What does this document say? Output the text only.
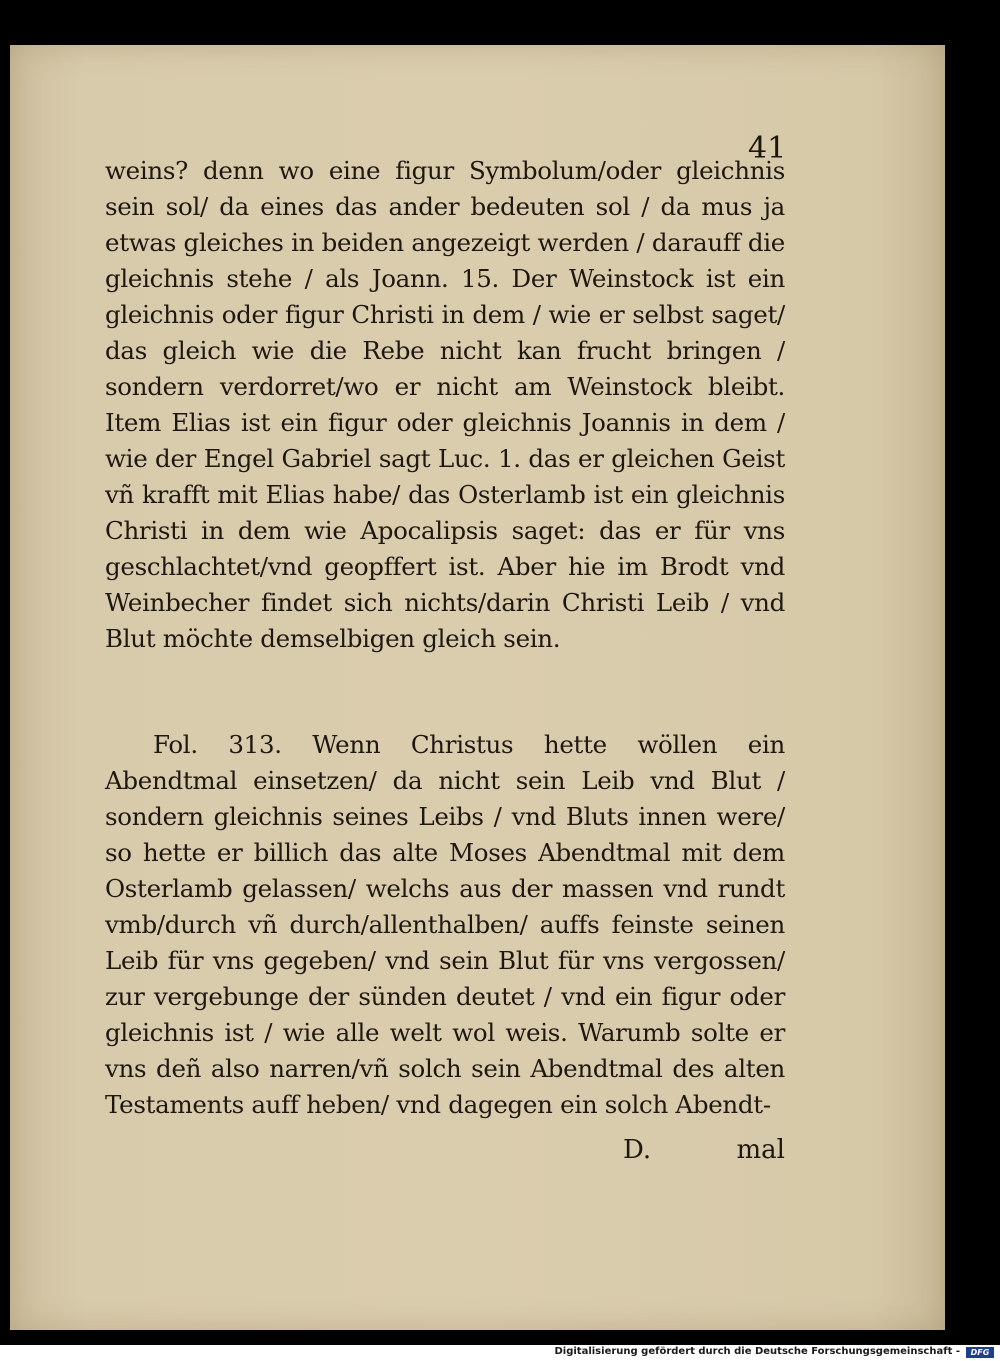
41

weins? denn wo eine figur Symbolum/oder gleichnis sein sol/ da eines das ander bedeuten sol / da mus ja etwas gleiches in beiden angezeigt werden / darauff die gleichnis stehe / als Joann. 15. Der Weinstock ist ein gleichnis oder figur Christi in dem / wie er selbst saget/ das gleich wie die Rebe nicht kan frucht bringen / sondern verdorret/wo er nicht am Weinstock bleibt. Item Elias ist ein figur oder gleichnis Joannis in dem / wie der Engel Gabriel sagt Luc. 1. das er gleichen Geist vñ krafft mit Elias habe/ das Osterlamb ist ein gleichnis Christi in dem wie Apocalipsis saget: das er für vns geschlachtet/vnd geopffert ist. Aber hie im Brodt vnd Weinbecher findet sich nichts/darin Christi Leib / vnd Blut möchte demselbigen gleich sein.

Fol. 313. Wenn Christus hette wöllen ein Abendtmal einsetzen/ da nicht sein Leib vnd Blut / sondern gleichnis seines Leibs / vnd Bluts innen were/ so hette er billich das alte Moses Abendtmal mit dem Osterlamb gelassen/ welchs aus der massen vnd rundt vmb/durch vñ durch/allenthalben/ auffs feinste seinen Leib für vns gegeben/ vnd sein Blut für vns vergossen/ zur vergebunge der sünden deutet / vnd ein figur oder gleichnis ist / wie alle welt wol weis. Warumb solte er vns deñ also narren/vñ solch sein Abendtmal des alten Testaments auff heben/ vnd dagegen ein solch Abendt-

D.	mal
Digitalisierung gefördert durch die Deutsche Forschungsgemeinschaft -	DFG
